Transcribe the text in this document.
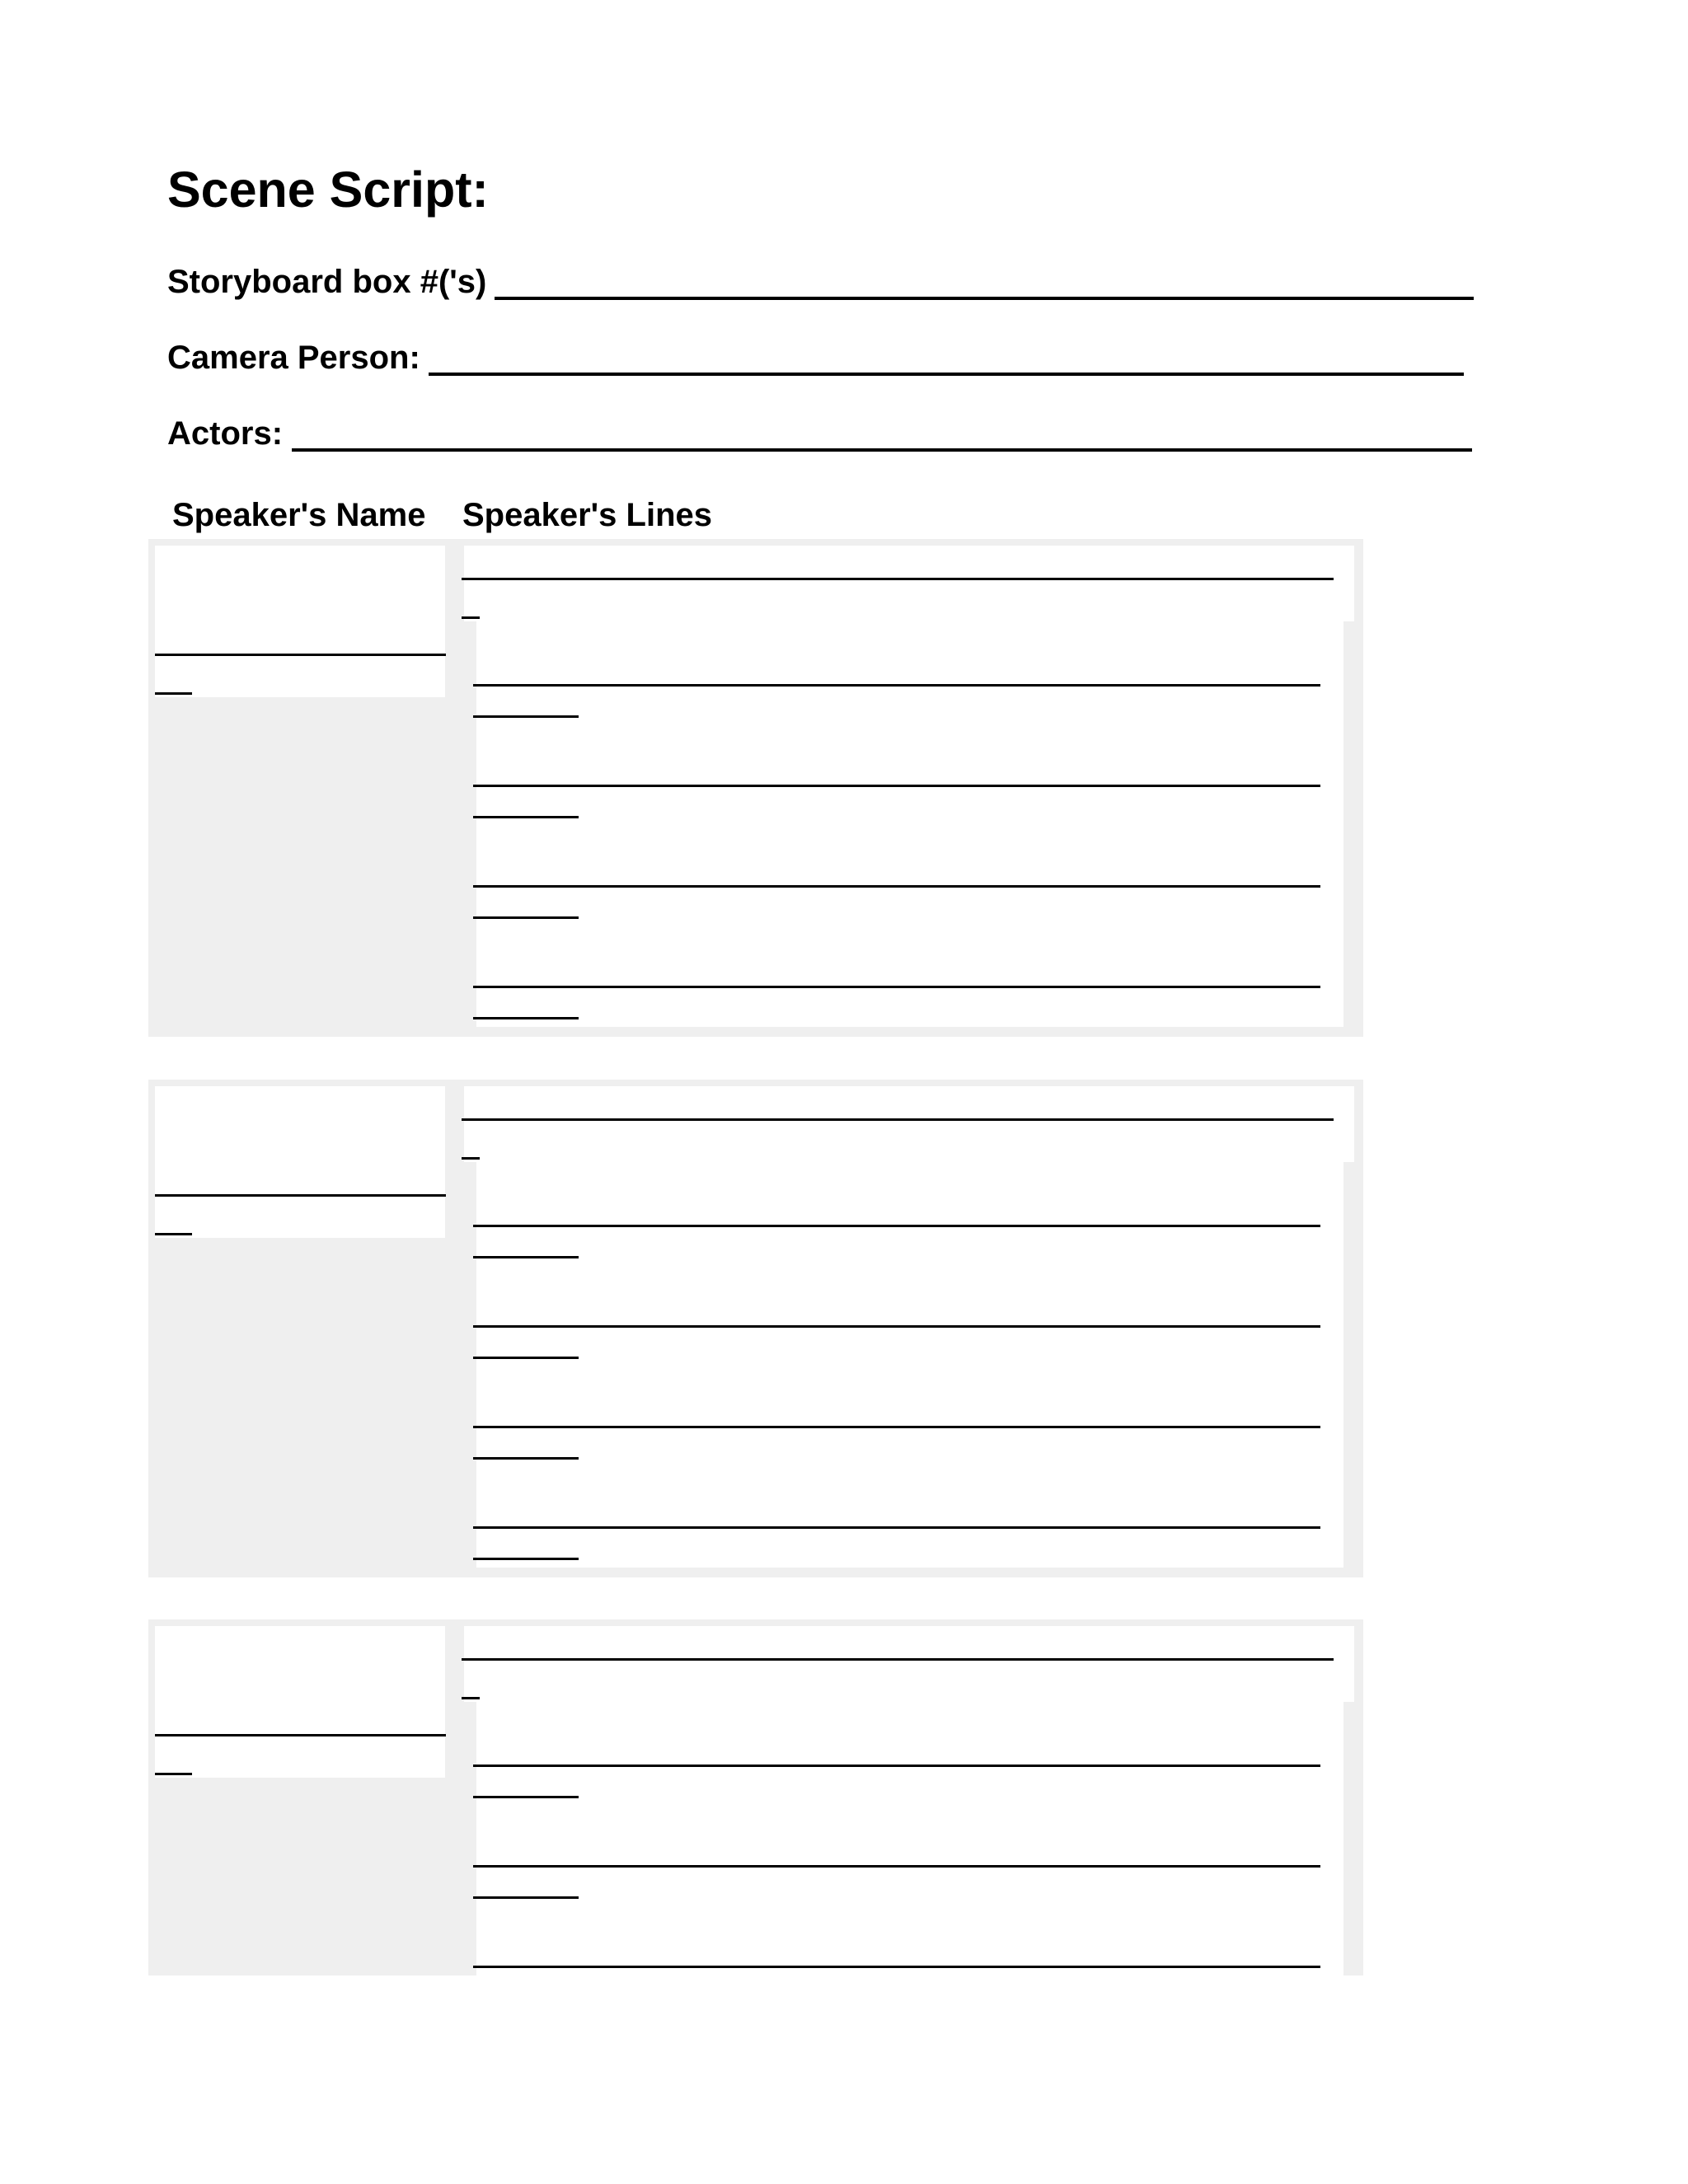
Scene Script:
Storyboard box #('s)
Camera Person:
Actors:
Speaker's Name Speaker's Lines
